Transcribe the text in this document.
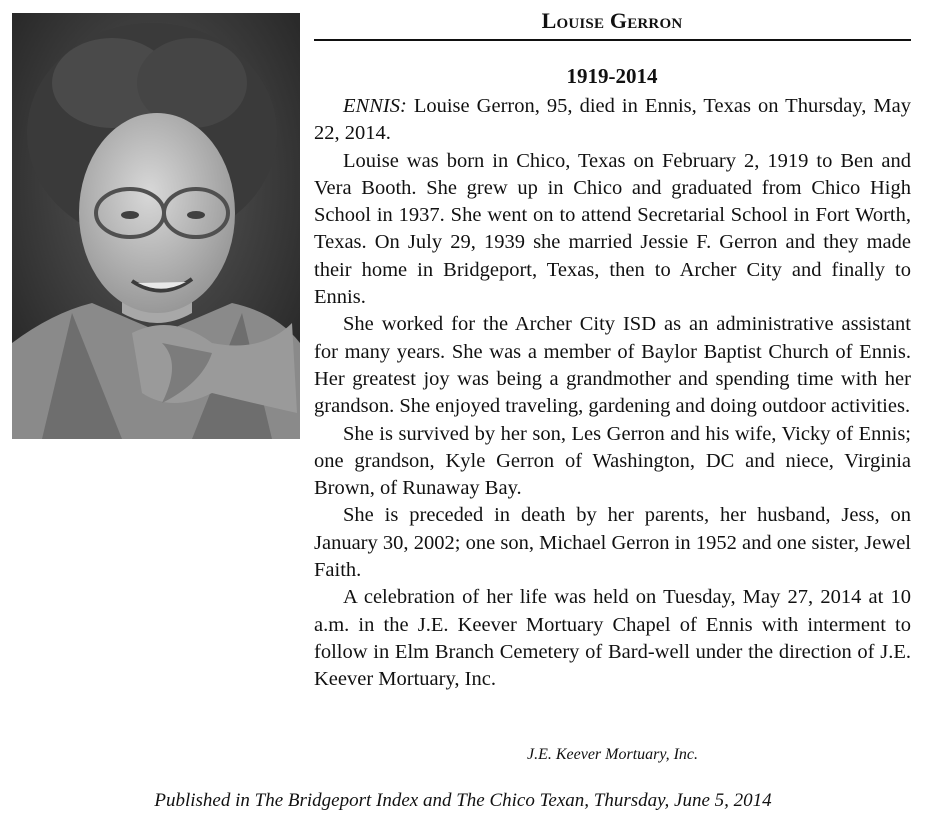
Louise Gerron
1919-2014

ENNIS: Louise Gerron, 95, died in Ennis, Texas on Thursday, May 22, 2014.

Louise was born in Chico, Texas on February 2, 1919 to Ben and Vera Booth. She grew up in Chico and graduated from Chico High School in 1937. She went on to attend Secretarial School in Fort Worth, Texas. On July 29, 1939 she married Jessie F. Gerron and they made their home in Bridgeport, Texas, then to Archer City and finally to Ennis.

She worked for the Archer City ISD as an administrative assistant for many years. She was a member of Baylor Baptist Church of Ennis. Her greatest joy was being a grandmother and spending time with her grandson. She enjoyed traveling, gardening and doing outdoor activities.

She is survived by her son, Les Gerron and his wife, Vicky of Ennis; one grandson, Kyle Gerron of Washington, DC and niece, Virginia Brown, of Runaway Bay.

She is preceded in death by her parents, her husband, Jess, on January 30, 2002; one son, Michael Gerron in 1952 and one sister, Jewel Faith.

A celebration of her life was held on Tuesday, May 27, 2014 at 10 a.m. in the J.E. Keever Mortuary Chapel of Ennis with interment to follow in Elm Branch Cemetery of Bard-well under the direction of J.E. Keever Mortuary, Inc.

J.E. Keever Mortuary, Inc.
Published in The Bridgeport Index and The Chico Texan, Thursday, June 5, 2014
